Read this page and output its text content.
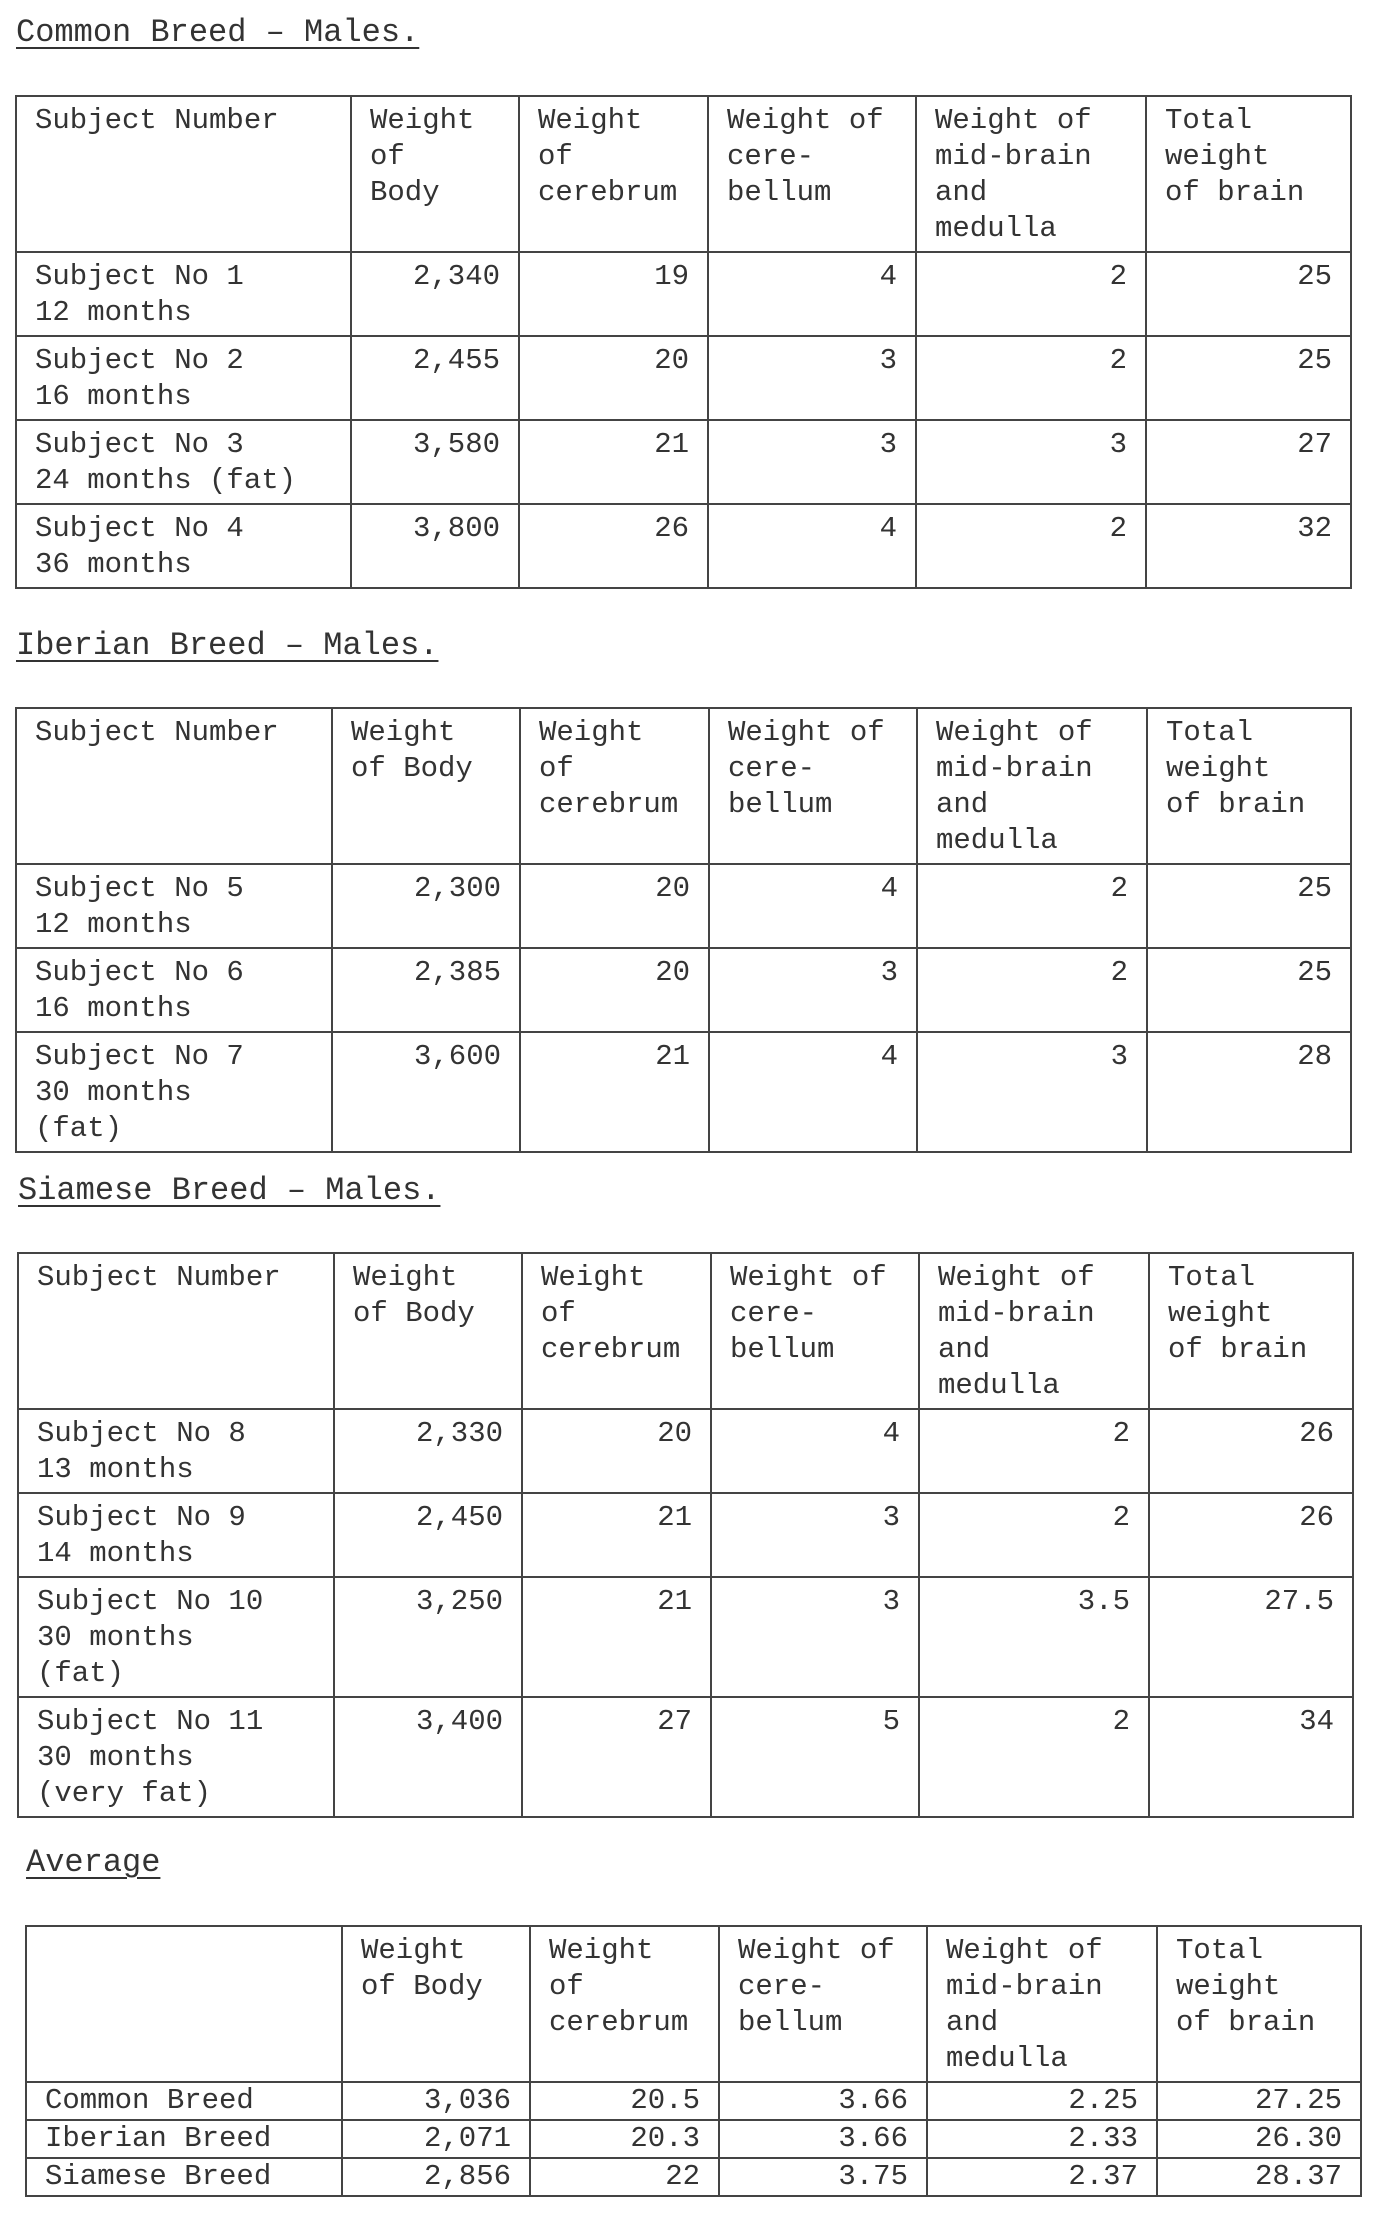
Common Breed – Males.
Subject Number	Weight
of
Body	Weight
of
cerebrum	Weight of
cere-
bellum	Weight of
mid-brain
and
medulla	Total
weight
of brain
Subject No 1
12 months	2,340	19	4	2	25
Subject No 2
16 months	2,455	20	3	2	25
Subject No 3
24 months (fat)	3,580	21	3	3	27
Subject No 4
36 months	3,800	26	4	2	32
Iberian Breed – Males.
Subject Number	Weight
of Body	Weight
of
cerebrum	Weight of
cere-
bellum	Weight of
mid-brain
and
medulla	Total
weight
of brain
Subject No 5
12 months	2,300	20	4	2	25
Subject No 6
16 months	2,385	20	3	2	25
Subject No 7
30 months
(fat)	3,600	21	4	3	28
Siamese Breed – Males.
Subject Number	Weight
of Body	Weight
of
cerebrum	Weight of
cere-
bellum	Weight of
mid-brain
and
medulla	Total
weight
of brain
Subject No 8
13 months	2,330	20	4	2	26
Subject No 9
14 months	2,450	21	3	2	26
Subject No 10
30 months
(fat)	3,250	21	3	3.5	27.5
Subject No 11
30 months
(very fat)	3,400	27	5	2	34
Average
	Weight
of Body	Weight
of
cerebrum	Weight of
cere-
bellum	Weight of
mid-brain
and
medulla	Total
weight
of brain
Common Breed	3,036	20.5	3.66	2.25	27.25
Iberian Breed	2,071	20.3	3.66	2.33	26.30
Siamese Breed	2,856	22	3.75	2.37	28.37
